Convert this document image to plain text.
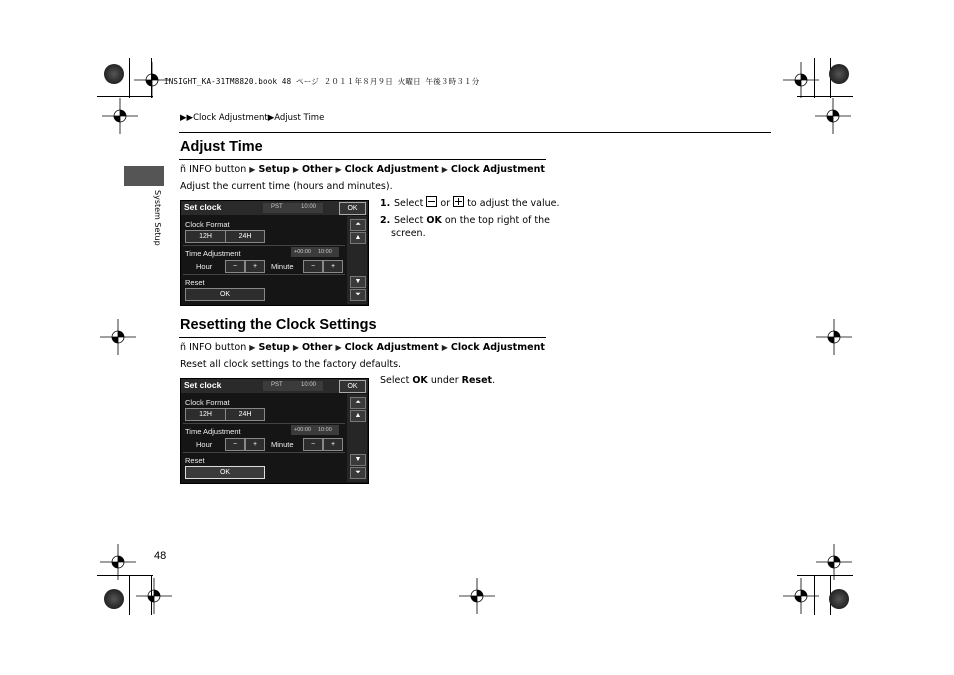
INSIGHT_KA-31TM8820.book 48 ページ ２０１１年８月９日 火曜日 午後３時３１分
▶▶Clock Adjustment▶Adjust Time
System Setup
Adjust Time
ñ INFO button ▶ Setup ▶ Other ▶ Clock Adjustment ▶ Clock Adjustment
Adjust the current time (hours and minutes).
1. Select or to adjust the value.
2. Select OK on the top right of the
screen.
Set clock	PST	10:00	OK
Clock Format
12H	24H
Time Adjustment	+00:00 10:00
Hour	−	+	Minute	−	+
Reset
OK
⏶
▲
▼
⏷
Resetting the Clock Settings
ñ INFO button ▶ Setup ▶ Other ▶ Clock Adjustment ▶ Clock Adjustment
Reset all clock settings to the factory defaults.
Select OK under Reset.
Set clock	PST	10:00	OK
Clock Format
12H	24H
Time Adjustment	+00:00 10:00
Hour	−	+	Minute	−	+
Reset
OK
⏶
▲
▼
⏷
48
